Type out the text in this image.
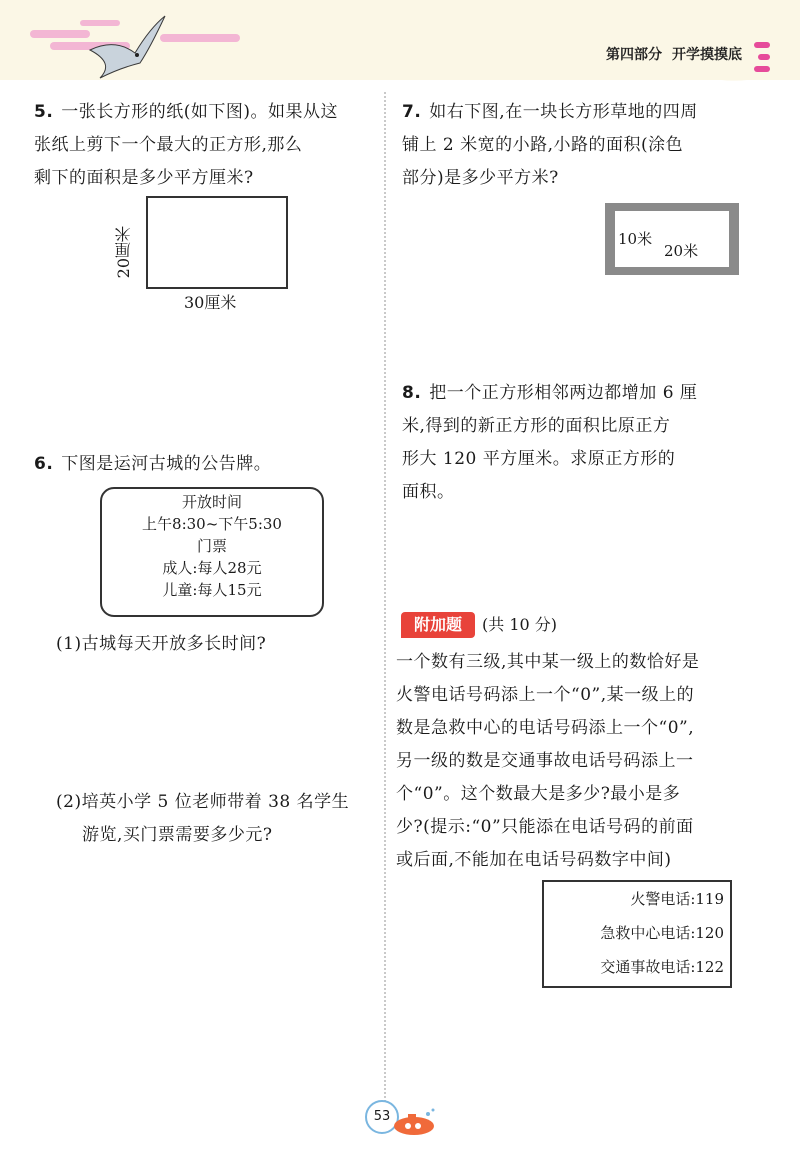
第四部分 开学摸摸底

5. 一张长方形的纸(如下图)。如果从这

张纸上剪下一个最大的正方形,那么

剩下的面积是多少平方厘米?

20厘米
30厘米

6. 下图是运河古城的公告牌。

开放时间
上午8:30~下午5:30
门票
成人:每人28元
儿童:每人15元

(1)古城每天开放多长时间?

(2)培英小学 5 位老师带着 38 名学生

游览,买门票需要多少元?

7. 如右下图,在一块长方形草地的四周

铺上 2 米宽的小路,小路的面积(涂色

部分)是多少平方米?

10米
20米

8. 把一个正方形相邻两边都增加 6 厘

米,得到的新正方形的面积比原正方

形大 120 平方厘米。求原正方形的

面积。

附加题	(共 10 分)

一个数有三级,其中某一级上的数恰好是

火警电话号码添上一个“0”,某一级上的

数是急救中心的电话号码添上一个“0”,

另一级的数是交通事故电话号码添上一

个“0”。这个数最大是多少?最小是多

少?(提示:“0”只能添在电话号码的前面

或后面,不能加在电话号码数字中间)

火警电话:119
急救中心电话:120
交通事故电话:122
53
